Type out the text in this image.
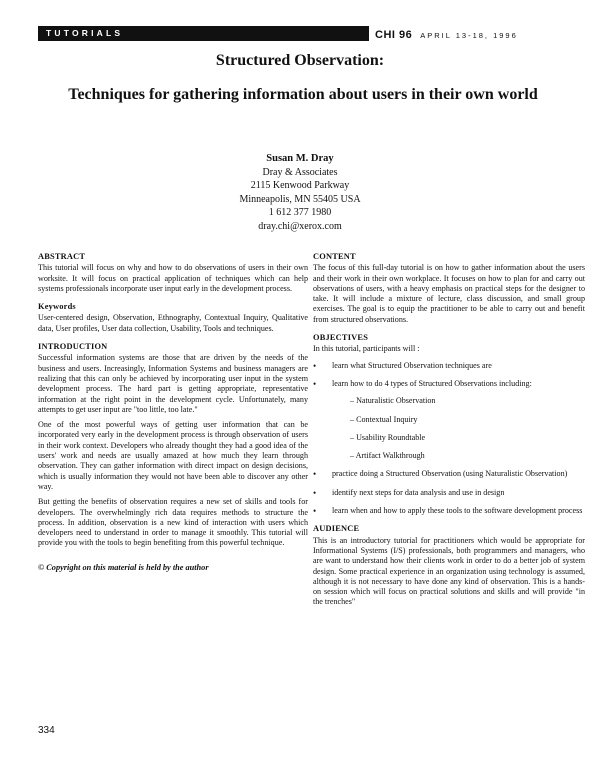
TUTORIALS	CHI 96 APRIL 13-18, 1996
Structured Observation:
Techniques for gathering information about users in their own world
Susan M. Dray
Dray & Associates
2115 Kenwood Parkway
Minneapolis, MN 55405 USA
1 612 377 1980
dray.chi@xerox.com
ABSTRACT

This tutorial will focus on why and how to do observations of users in their own worksite. It will focus on practical application of techniques which can help systems professionals incorporate user input early in the development process.

Keywords

User-centered design, Observation, Ethnography, Contextual Inquiry, Qualitative data, User profiles, User data collection, Usability, Tools and techniques.

INTRODUCTION

Successful information systems are those that are driven by the needs of the business and users. Increasingly, Information Systems and business managers are realizing that this can only be achieved by incorporating user input in the system development process. The hard part is getting appropriate, representative information at the right point in the development cycle. Unfortunately, many attempts to get user input are "too little, too late."

One of the most powerful ways of getting user information that can be incorporated very early in the development process is through observation of users in their work context. Developers who already thought they had a good idea of the users' work and needs are usually amazed at how much they learn through observation. They can gather information with direct impact on design decisions, which is usually information they would not have been able to discover any other way.

But getting the benefits of observation requires a new set of skills and tools for developers. The overwhelmingly rich data requires methods to structure the process. In addition, observation is a new kind of interaction with users which developers need to understand in order to manage it smoothly. This tutorial will provide you with the tools to begin benefiting from this powerful technique.

© Copyright on this material is held by the author
CONTENT

The focus of this full-day tutorial is on how to gather information about the users and their work in their own workplace. It focuses on how to plan for and carry out observations of users, with a heavy emphasis on practical steps for the designer to take. It will include a mixture of lecture, class discussion, and small group exercises. The goal is to equip the practitioner to be able to carry out and benefit from structured observations.

OBJECTIVES

In this tutorial, participants will :

• learn what Structured Observation techniques are
• learn how to do 4 types of Structured Observations including:
– Naturalistic Observation
– Contextual Inquiry
– Usability Roundtable
– Artifact Walkthrough
• practice doing a Structured Observation (using Naturalistic Observation)
• identify next steps for data analysis and use in design
• learn when and how to apply these tools to the software development process
AUDIENCE

This is an introductory tutorial for practitioners which would be appropriate for Informational Systems (I/S) professionals, both programmers and managers, who are want to understand how their clients work in order to do a better job of system design. Some practical experience in an organization using technology is assumed, although it is not necessary to have done any kind of observation. This is a hands-on session which will focus on practical solutions and skills and will provide "in the trenches"

334
